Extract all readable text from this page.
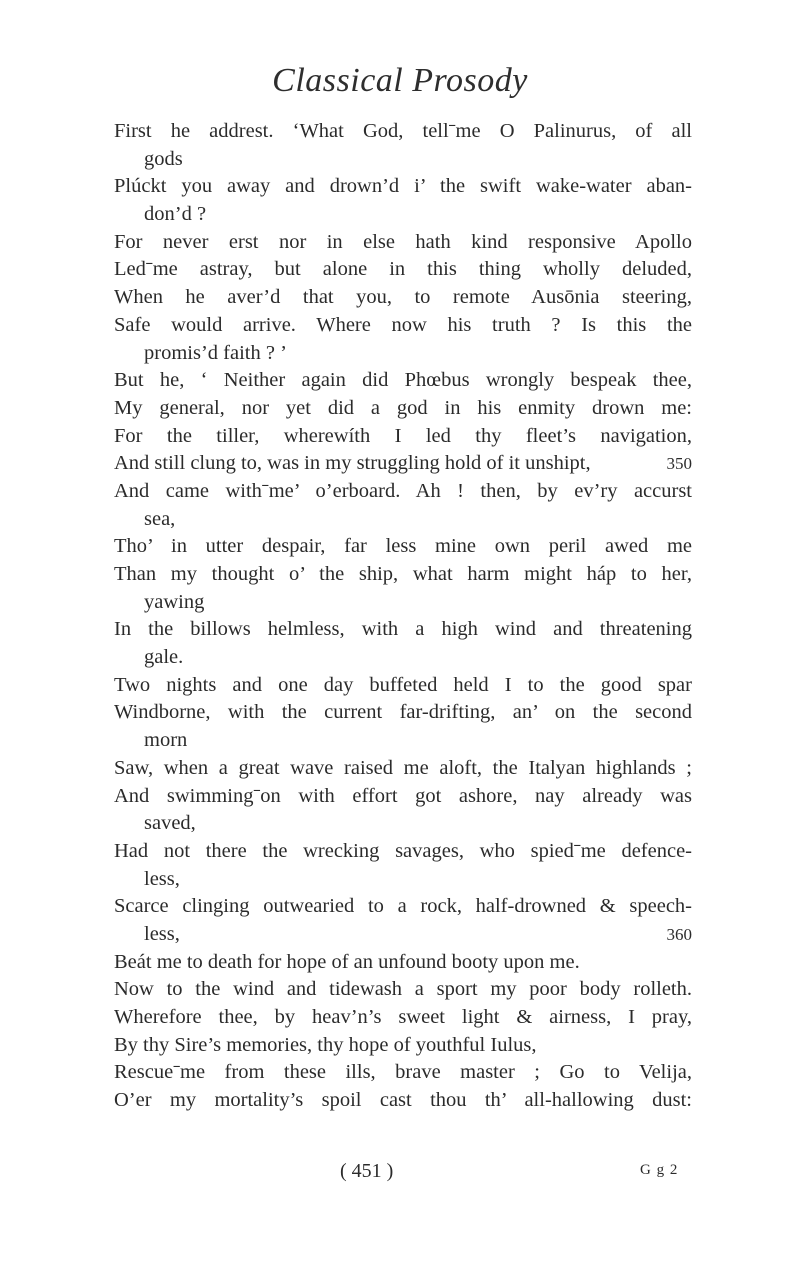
Classical Prosody
First he addrest. ‘What God, tellˉme O Palinurus, of all
gods
Plúckt you away and drown’d i’ the swift wake-water aban-
don’d ?
For never erst nor in else hath kind responsive Apollo
Ledˉme astray, but alone in this thing wholly deluded,
When he aver’d that you, to remote Ausōnia steering,
Safe would arrive. Where now his truth ? Is this the
promis’d faith ? ’
But he, ‘ Neither again did Phœbus wrongly bespeak thee,
My general, nor yet did a god in his enmity drown me:
For the tiller, wherewíth I led thy fleet’s navigation,
And still clung to, was in my struggling hold of it unshipt,	350
And came withˉme’ o’erboard. Ah ! then, by ev’ry accurst
sea,
Tho’ in utter despair, far less mine own peril awed me
Than my thought o’ the ship, what harm might háp to her,
yawing
In the billows helmless, with a high wind and threatening
gale.
Two nights and one day buffeted held I to the good spar
Windborne, with the current far-drifting, an’ on the second
morn
Saw, when a great wave raised me aloft, the Italyan highlands ;
And swimmingˉon with effort got ashore, nay already was
saved,
Had not there the wrecking savages, who spiedˉme defence-
less,
Scarce clinging outwearied to a rock, half-drowned & speech-
less,	360
Beát me to death for hope of an unfound booty upon me.
Now to the wind and tidewash a sport my poor body rolleth.
Wherefore thee, by heav’n’s sweet light & airness, I pray,
By thy Sire’s memories, thy hope of youthful Iulus,
Rescueˉme from these ills, brave master ; Go to Velija,
O’er my mortality’s spoil cast thou th’ all-hallowing dust:
( 451 )	G g 2
